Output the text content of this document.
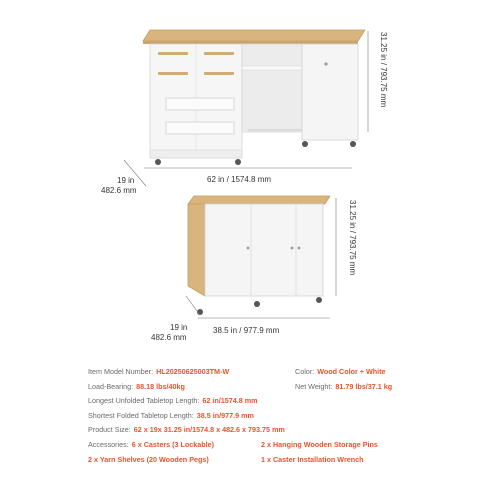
31.25 in / 793.75 mm
62 in / 1574.8 mm
19 in
482.6 mm
31.25 in / 793.75 mm
38.5 in / 977.9 mm
19 in
482.6 mm
Item Model Number: HL20250625003TM-W	Color: Wood Color + White
Load-Bearing: 88.18 lbs/40kg	Net Weight: 81.79 lbs/37.1 kg
Longest Unfolded Tabletop Length: 62 in/1574.8 mm
Shortest Folded Tabletop Length: 38.5 in/977.9 mm
Product Size: 62 x 19x 31.25 in/1574.8 x 482.6 x 793.75 mm
Accessories: 6 x Casters (3 Lockable)	2 x Hanging Wooden Storage Pins
2 x Yarn Shelves (20 Wooden Pegs)	1 x Caster Installation Wrench
